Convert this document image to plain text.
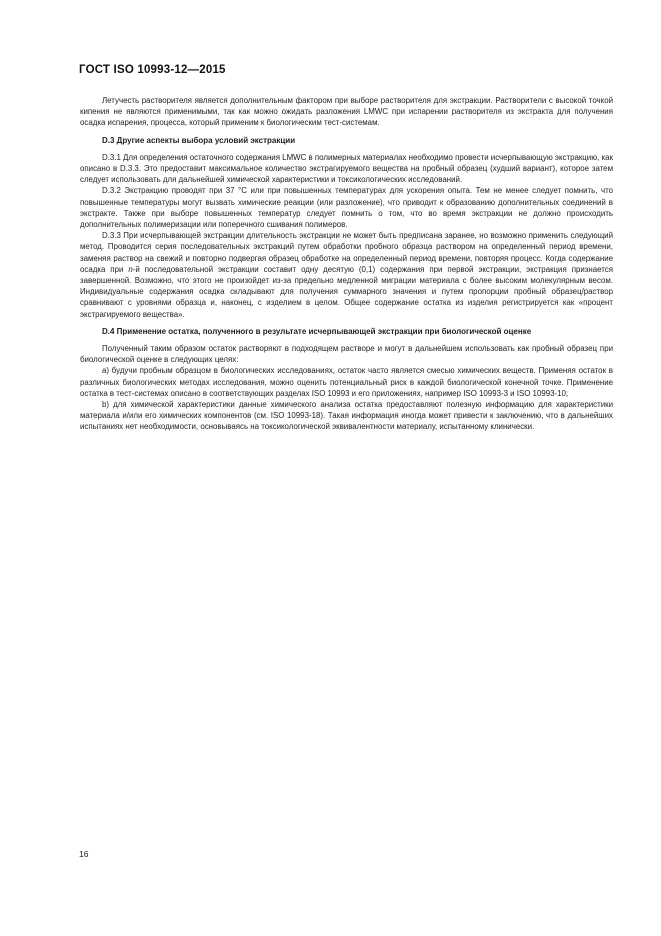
ГОСТ ISO 10993-12—2015

Летучесть растворителя является дополнительным фактором при выборе растворителя для экстракции. Растворители с высокой точкой кипения не являются применимыми, так как можно ожидать разложения LMWC при испарении растворителя из экстракта для получения осадка испарения, процесса, который применим к биологическим тест-системам.

D.3 Другие аспекты выбора условий экстракции

D.3.1 Для определения остаточного содержания LMWC в полимерных материалах необходимо провести исчерпывающую экстракцию, как описано в D.3.3. Это предоставит максимальное количество экстрагируемого вещества на пробный образец (худший вариант), которое затем следует использовать для дальнейшей химической характеристики и токсикологических исследований.

D.3.2 Экстракцию проводят при 37 °C или при повышенных температурах для ускорения опыта. Тем не менее следует помнить, что повышенные температуры могут вызвать химические реакции (или разложение), что приводит к образованию дополнительных соединений в экстракте. Также при выборе повышенных температур следует помнить о том, что во время экстракции не должно происходить дополнительных полимеризации или поперечного сшивания полимеров.

D.3.3 При исчерпывающей экстракции длительность экстракции не может быть предписана заранее, но возможно применить следующий метод. Проводится серия последовательных экстракций путем обработки пробного образца раствором на определенный период времени, заменяя раствор на свежий и повторно подвергая образец обработке на определенный период времени, повторяя процесс. Когда содержание осадка при n-й последовательной экстракции составит одну десятую (0,1) содержания при первой экстракции, экстракция признается завершенной. Возможно, что этого не произойдет из-за предельно медленной миграции материала с более высоким молекулярным весом. Индивидуальные содержания осадка складывают для получения суммарного значения и путем пропорции пробный образец/раствор сравнивают с уровнями образца и, наконец, с изделием в целом. Общее содержание остатка из изделия регистрируется как «процент экстрагируемого вещества».

D.4 Применение остатка, полученного в результате исчерпывающей экстракции при биологической оценке

Полученный таким образом остаток растворяют в подходящем растворе и могут в дальнейшем использовать как пробный образец при биологической оценке в следующих целях:

а) будучи пробным образцом в биологических исследованиях, остаток часто является смесью химических веществ. Применяя остаток в различных биологических методах исследования, можно оценить потенциальный риск в каждой биологической конечной точке. Применение остатка в тест-системах описано в соответствующих разделах ISO 10993 и его приложениях, например ISO 10993-3 и ISO 10993-10;

b) для химической характеристики данные химического анализа остатка предоставляют полезную информацию для характеристики материала и/или его химических компонентов (см. ISO 10993-18). Такая информация иногда может привести к заключению, что в дальнейших испытаниях нет необходимости, основываясь на токсикологической эквивалентности материалу, испытанному клинически.

16
